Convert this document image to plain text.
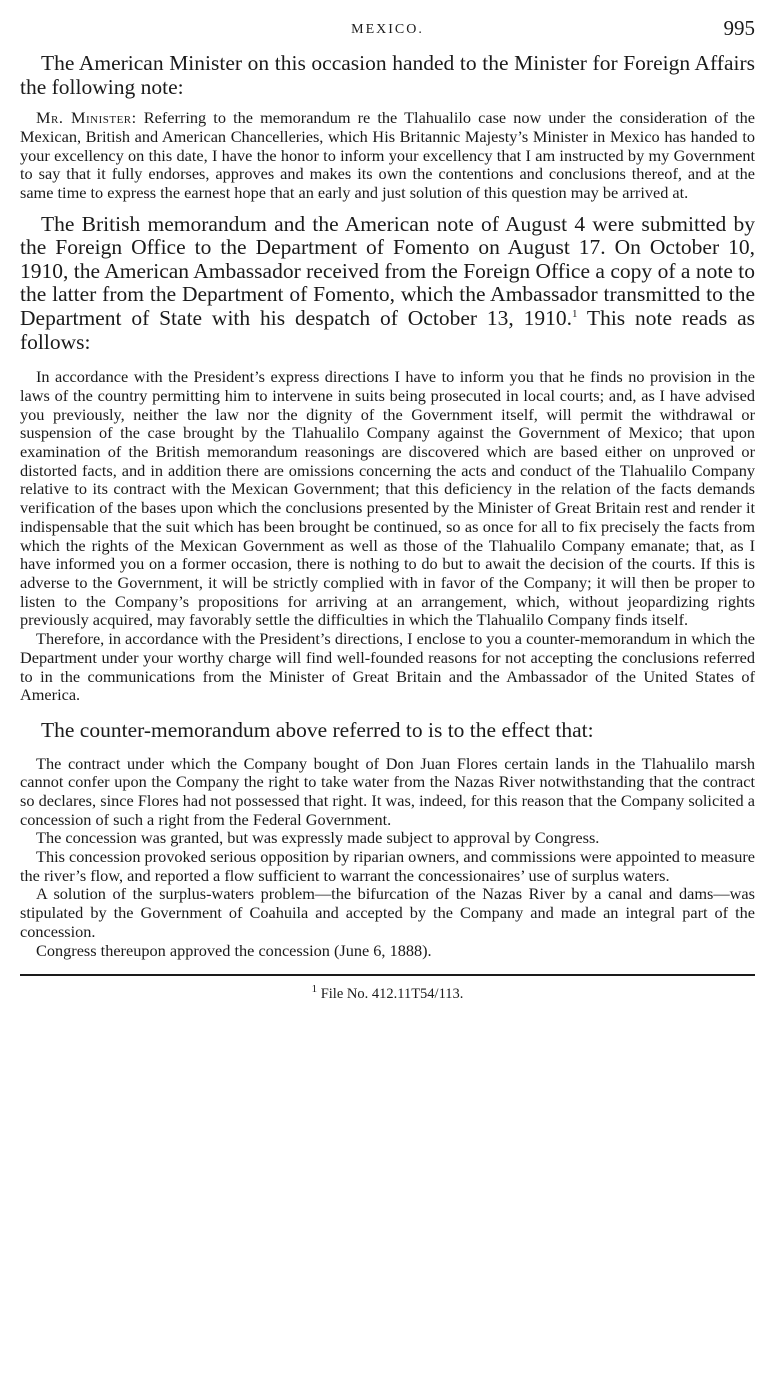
MEXICO.	995

The American Minister on this occasion handed to the Minister for Foreign Affairs the following note:

Mr. Minister: Referring to the memorandum re the Tlahualilo case now under the consideration of the Mexican, British and American Chancelleries, which His Britannic Majesty’s Minister in Mexico has handed to your excellency on this date, I have the honor to inform your excellency that I am instructed by my Government to say that it fully endorses, approves and makes its own the contentions and conclusions thereof, and at the same time to express the earnest hope that an early and just solution of this question may be arrived at.

The British memorandum and the American note of August 4 were submitted by the Foreign Office to the Department of Fomento on August 17. On October 10, 1910, the American Ambassador received from the Foreign Office a copy of a note to the latter from the Department of Fomento, which the Ambassador transmitted to the Department of State with his despatch of October 13, 1910.$^1$ This note reads as follows:

In accordance with the President’s express directions I have to inform you that he finds no provision in the laws of the country permitting him to intervene in suits being prosecuted in local courts; and, as I have advised you previously, neither the law nor the dignity of the Government itself, will permit the withdrawal or suspension of the case brought by the Tlahualilo Company against the Government of Mexico; that upon examination of the British memorandum reasonings are discovered which are based either on unproved or distorted facts, and in addition there are omissions concerning the acts and conduct of the Tlahualilo Company relative to its contract with the Mexican Government; that this deficiency in the relation of the facts demands verification of the bases upon which the conclusions presented by the Minister of Great Britain rest and render it indispensable that the suit which has been brought be continued, so as once for all to fix precisely the facts from which the rights of the Mexican Government as well as those of the Tlahualilo Company emanate; that, as I have informed you on a former occasion, there is nothing to do but to await the decision of the courts. If this is adverse to the Government, it will be strictly complied with in favor of the Company; it will then be proper to listen to the Company’s propositions for arriving at an arrangement, which, without jeopardizing rights previously acquired, may favorably settle the difficulties in which the Tlahualilo Company finds itself.

Therefore, in accordance with the President’s directions, I enclose to you a counter-memorandum in which the Department under your worthy charge will find well-founded reasons for not accepting the conclusions referred to in the communications from the Minister of Great Britain and the Ambassador of the United States of America.

The counter-memorandum above referred to is to the effect that:

The contract under which the Company bought of Don Juan Flores certain lands in the Tlahualilo marsh cannot confer upon the Company the right to take water from the Nazas River notwithstanding that the contract so declares, since Flores had not possessed that right. It was, indeed, for this reason that the Company solicited a concession of such a right from the Federal Government.

The concession was granted, but was expressly made subject to approval by Congress.

This concession provoked serious opposition by riparian owners, and commissions were appointed to measure the river’s flow, and reported a flow sufficient to warrant the concessionaires’ use of surplus waters.

A solution of the surplus-waters problem—the bifurcation of the Nazas River by a canal and dams—was stipulated by the Government of Coahuila and accepted by the Company and made an integral part of the concession.

Congress thereupon approved the concession (June 6, 1888).

$^1$ File No. 412.11T54/113.
